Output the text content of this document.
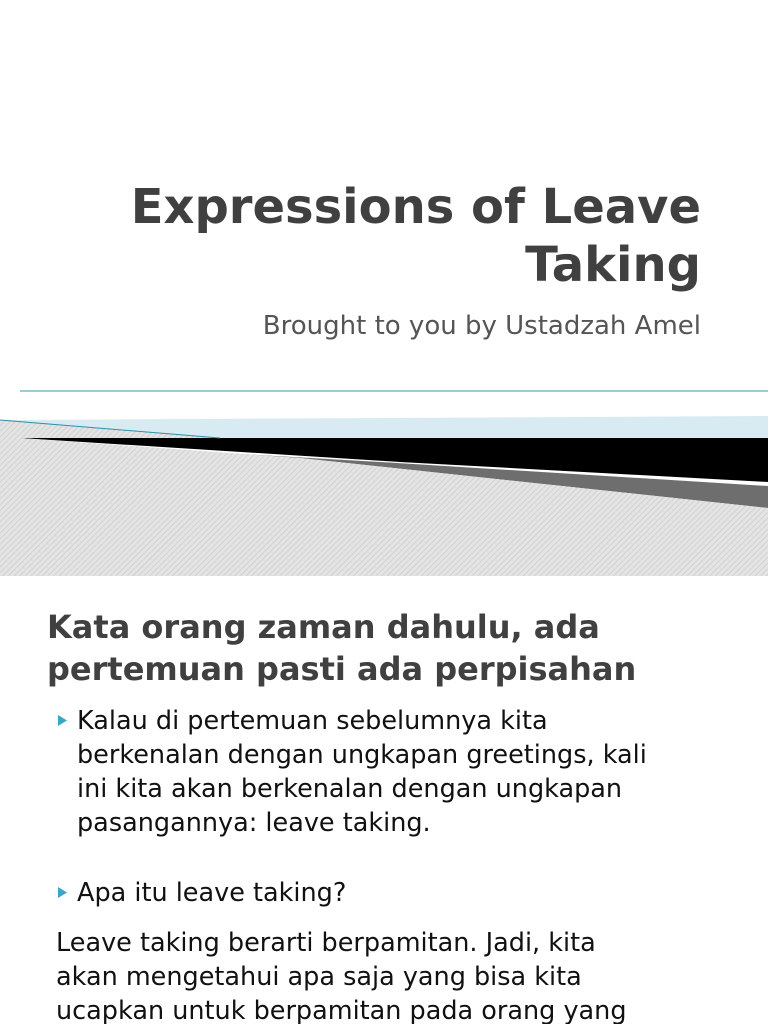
Expressions of Leave
Taking

Brought to you by Ustadzah Amel

Kata orang zaman dahulu, ada
pertemuan pasti ada perpisahan
Kalau di pertemuan sebelumnya kita
berkenalan dengan ungkapan greetings, kali
ini kita akan berkenalan dengan ungkapan
pasangannya: leave taking.
Apa itu leave taking?

Leave taking berarti berpamitan. Jadi, kita
akan mengetahui apa saja yang bisa kita
ucapkan untuk berpamitan pada orang yang
